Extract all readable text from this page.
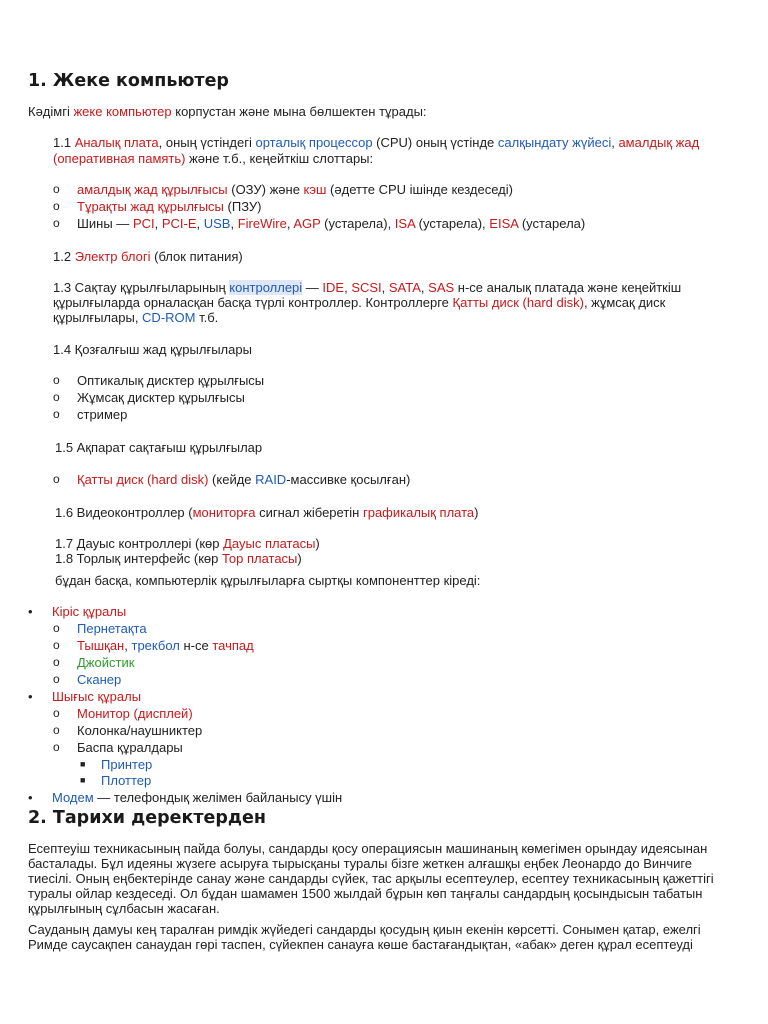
1. Жеке компьютер

Кәдімгі жеке компьютер корпустан және мына бөлшектен тұрады:

1.1 Аналық плата, оның үстіндегі орталық процессор (CPU) оның үстінде салқындату жүйесі, амалдық жад

(оперативная память) және т.б., кеңейткіш слоттары:

o амалдық жад құрылғысы (ОЗУ) және кэш (әдетте CPU ішінде кездеседі)

o Тұрақты жад құрылғысы (ПЗУ)

o Шины — PCI, PCI-E, USB, FireWire, AGP (устарела), ISA (устарела), EISA (устарела)

1.2 Электр блогі (блок питания)

1.3 Сақтау құрылғыларының контроллері — IDE, SCSI, SATA, SAS н-се аналық платада және кеңейткіш

құрылғыларда орналасқан басқа түрлі контроллер. Контроллерге Қатты диск (hard disk), жұмсақ диск

құрылғылары, CD-ROM т.б.

1.4 Қозғалғыш жад құрылғылары

o Оптикалық дисктер құрылғысы

o Жұмсақ дисктер құрылғысы

o стример

1.5 Ақпарат сақтағыш құрылғылар

o Қатты диск (hard disk) (кейде RAID-массивке қосылған)

1.6 Видеоконтроллер (мониторға сигнал жіберетін графикалық плата)

1.7 Дауыс контроллері (көр Дауыс платасы)

1.8 Торлық интерфейс (көр Тор платасы)

бұдан басқа, компьютерлік құрылғыларға сыртқы компоненттер кіреді:

• Кіріс құралы

o Пернетақта

o Тышқан, трекбол н-се тачпад

o Джойстик

o Сканер

• Шығыс құралы

o Монитор (дисплей)

o Колонка/наушниктер

o Баспа құралдары

■ Принтер

■ Плоттер

• Модем — телефондық желімен байланысу үшін

2. Тарихи деректерден

Есептеуіш техникасының пайда болуы, сандарды қосу операциясын машинаның көмегімен орындау идеясынан басталады. Бұл идеяны жүзеге асыруға тырысқаны туралы бізге жеткен алғашқы еңбек Леонардо до Винчиге тиесілі. Оның еңбектерінде санау және сандарды сүйек, тас арқылы есептеулер, есептеу техникасының қажеттігі туралы ойлар кездеседі. Ол бұдан шамамен 1500 жылдай бұрын көп таңғалы сандардың қосындысын табатын құрылғының сұлбасын жасаған.

Сауданың дамуы кең таралған римдік жүйедегі сандарды қосудың қиын екенін көрсетті. Сонымен қатар, ежелгі Римде саусақпен санаудан гөрі таспен, сүйекпен санауға көше бастағандықтан, «абак» деген құрал есептеуді
